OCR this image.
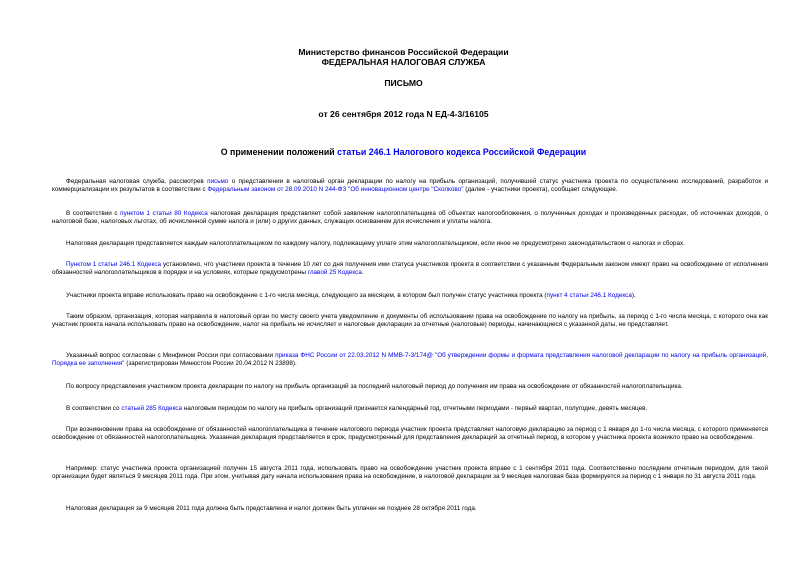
Министерство финансов Российской Федерации
ФЕДЕРАЛЬНАЯ НАЛОГОВАЯ СЛУЖБА
ПИСЬМО
от 26 сентября 2012 года N ЕД-4-3/16105
О применении положений статьи 246.1 Налогового кодекса Российской Федерации
Федеральная налоговая служба, рассмотрев письмо о представлении в налоговый орган декларации по налогу на прибыль организаций, получившей статус участника проекта по осуществлению исследований, разработок и коммерциализации их результатов в соответствии с Федеральным законом от 28.09.2010 N 244-ФЗ "Об инновационном центре "Сколково" (далее - участники проекта), сообщает следующее.
В соответствии с пунктом 1 статьи 80 Кодекса налоговая декларация представляет собой заявление налогоплательщика об объектах налогообложения, о полученных доходах и произведенных расходах, об источниках доходов, о налоговой базе, налоговых льготах, об исчисленной сумме налога и (или) о других данных, служащих основанием для исчисления и уплаты налога.
Налоговая декларация представляется каждым налогоплательщиком по каждому налогу, подлежащему уплате этим налогоплательщиком, если иное не предусмотрено законодательством о налогах и сборах.
Пунктом 1 статьи 246.1 Кодекса установлено, что участники проекта в течение 10 лет со дня получения ими статуса участников проекта в соответствии с указанным Федеральным законом имеют право на освобождение от исполнения обязанностей налогоплательщиков в порядке и на условиях, которые предусмотрены главой 25 Кодекса.
Участники проекта вправе использовать право на освобождение с 1-го числа месяца, следующего за месяцем, в котором был получен статус участника проекта (пункт 4 статьи 246.1 Кодекса).
Таким образом, организация, которая направила в налоговый орган по месту своего учета уведомление и документы об использовании права на освобождение по налогу на прибыль, за период с 1-го числа месяца, с которого она как участник проекта начала использовать право на освобождение, налог на прибыль не исчисляет и налоговые декларации за отчетные (налоговые) периоды, начинающиеся с указанной даты, не представляет.
Указанный вопрос согласован с Минфином России при согласовании приказа ФНС России от 22.03.2012 N ММВ-7-3/174@ "Об утверждении формы и формата представления налоговой декларации по налогу на прибыль организаций, Порядка ее заполнения" (зарегистрирован Минюстом России 20.04.2012 N 23898).
По вопросу представления участником проекта декларации по налогу на прибыль организаций за последний налоговый период до получения им права на освобождение от обязанностей налогоплательщика.
В соответствии со статьей 285 Кодекса налоговым периодом по налогу на прибыль организаций признается календарный год, отчетными периодами - первый квартал, полугодие, девять месяцев.
При возникновении права на освобождение от обязанностей налогоплательщика в течение налогового периода участник проекта представляет налоговую декларацию за период с 1 января до 1-го числа месяца, с которого применяется освобождение от обязанностей налогоплательщика. Указанная декларация представляется в срок, предусмотренный для представления деклараций за отчетный период, в котором у участника проекта возникло право на освобождение.
Например: статус участника проекта организацией получен 15 августа 2011 года, использовать право на освобождение участник проекта вправе с 1 сентября 2011 года. Соответственно последним отчетным периодом, для такой организации будет являться 9 месяцев 2011 года. При этом, учитывая дату начала использования права на освобождение, в налоговой декларации за 9 месяцев налоговая база формируется за период с 1 января по 31 августа 2011 года.
Налоговая декларация за 9 месяцев 2011 года должна быть представлена и налог должен быть уплачен не позднее 28 октября 2011 года.
